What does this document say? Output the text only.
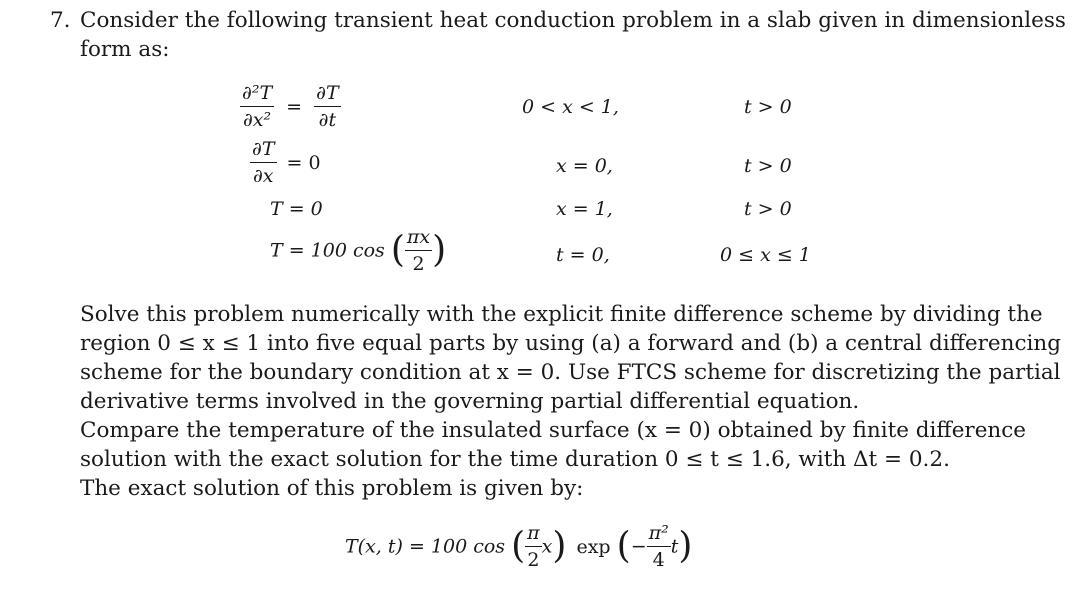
7. Consider the following transient heat conduction problem in a slab given in dimensionless
form as:
$\frac{\text{∂²T}}{\text{∂x²}} = \frac{\partial T}{\partial t}$	0 < x < 1,	t > 0
$\frac{\partial T}{\partial x} = 0$	x = 0,	t > 0
T = 0	x = 1,	t > 0
T = 100 cos ( $\frac{\pi x}{2}$ )	t = 0,	0 ≤ x ≤ 1
Solve this problem numerically with the explicit finite difference scheme by dividing the
region 0 ≤ x ≤ 1 into five equal parts by using (a) a forward and (b) a central differencing
scheme for the boundary condition at x = 0. Use FTCS scheme for discretizing the partial
derivative terms involved in the governing partial differential equation.
Compare the temperature of the insulated surface (x = 0) obtained by finite difference
solution with the exact solution for the time duration 0 ≤ t ≤ 1.6, with Δt = 0.2.
The exact solution of this problem is given by:
T(x, t) = 100 cos ( $\frac{\pi}{2} x$) exp (− $\frac{\text{π²}}{4} t$)
